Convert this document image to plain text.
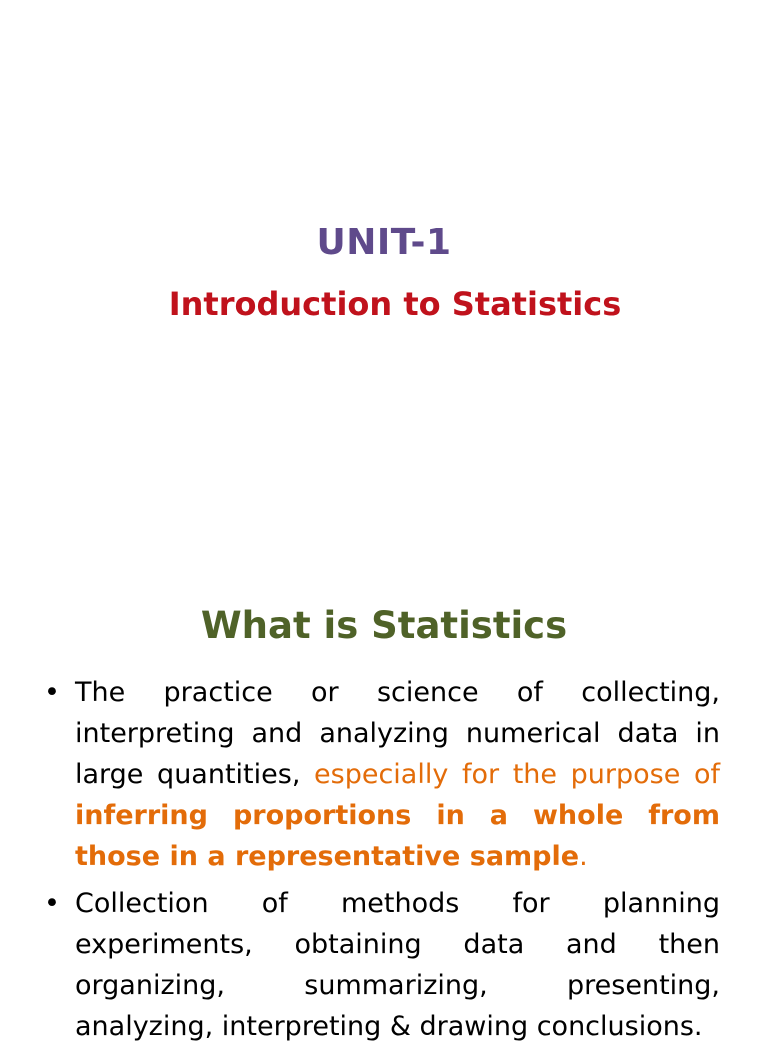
UNIT-1
Introduction to Statistics
What is Statistics
• The practice or science of collecting, interpreting and analyzing numerical data in large quantities, especially for the purpose of inferring proportions in a whole from those in a representative sample.
• Collection of methods for planning experiments, obtaining data and then organizing, summarizing, presenting, analyzing, interpreting & drawing conclusions.
